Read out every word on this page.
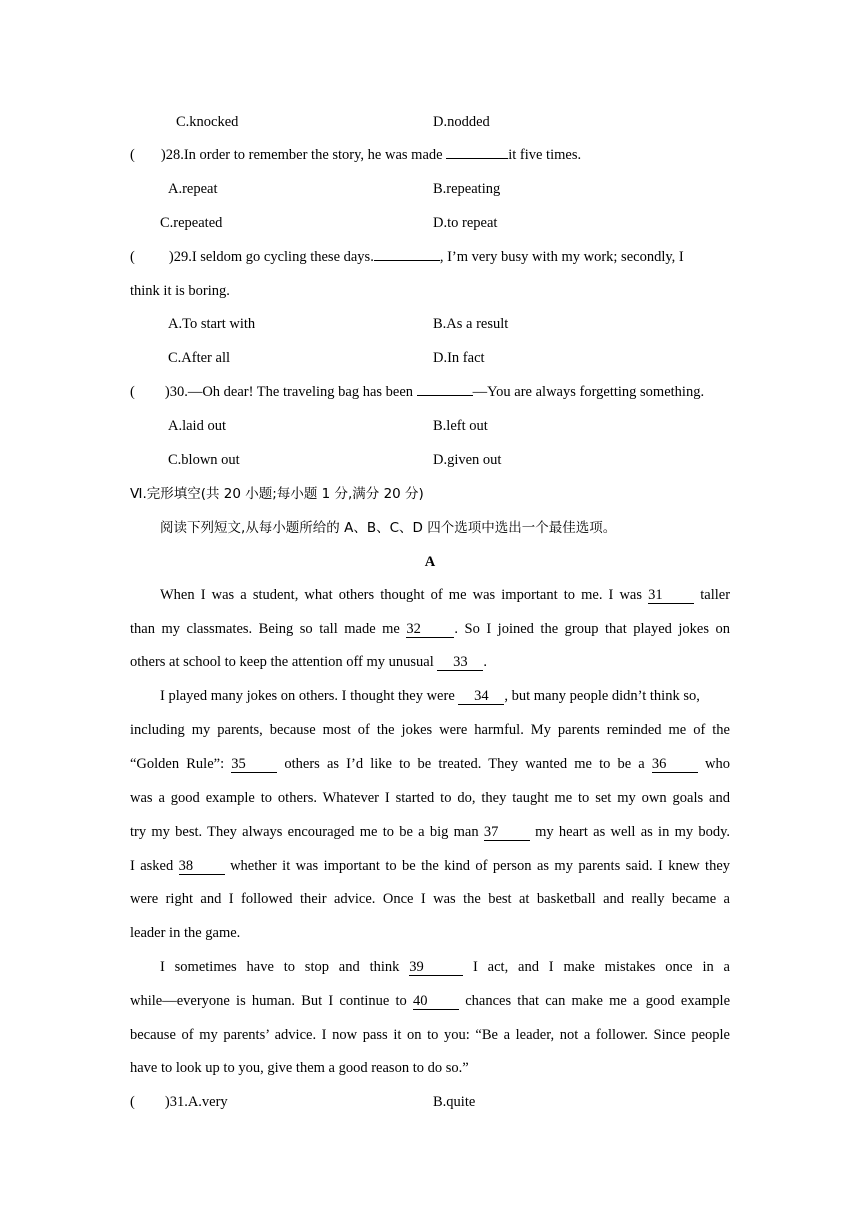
C.knocked	D.nodded
( )28.In order to remember the story, he was made	it five times.
A.repeat	B.repeating
C.repeated	D.to repeat
( )29.I seldom go cycling these days.	, I’m very busy with my work; secondly, I
think it is boring.
A.To start with	B.As a result
C.After all	D.In fact
( )30.—Oh dear! The traveling bag has been	—You are always forgetting something.
A.laid out	B.left out
C.blown out	D.given out
Ⅵ.完形填空(共 20 小题;每小题 1 分,满分 20 分)
阅读下列短文,从每小题所给的 A、B、C、D 四个选项中选出一个最佳选项。
A
When I was a student, what others thought of me was important to me. I was 31	taller
than my classmates. Being so tall made me 32 . So I joined the group that played jokes on
others at school to keep the attention off my unusual 33 .
I played many jokes on others. I thought they were 34 , but many people didn’t think so,
including my parents, because most of the jokes were harmful. My parents reminded me of the
“Golden Rule”: 35	others as I’d like to be treated. They wanted me to be a 36	who
was a good example to others. Whatever I started to do, they taught me to set my own goals and
try my best. They always encouraged me to be a big man 37	my heart as well as in my body.
I asked 38	whether it was important to be the kind of person as my parents said. I knew they
were right and I followed their advice. Once I was the best at basketball and really became a
leader in the game.
I sometimes have to stop and think 39	I act, and I make mistakes once in a
while—everyone is human. But I continue to 40	chances that can make me a good example
because of my parents’ advice. I now pass it on to you: “Be a leader, not a follower. Since people
have to look up to you, give them a good reason to do so.”
( )31.A.very	B.quite
